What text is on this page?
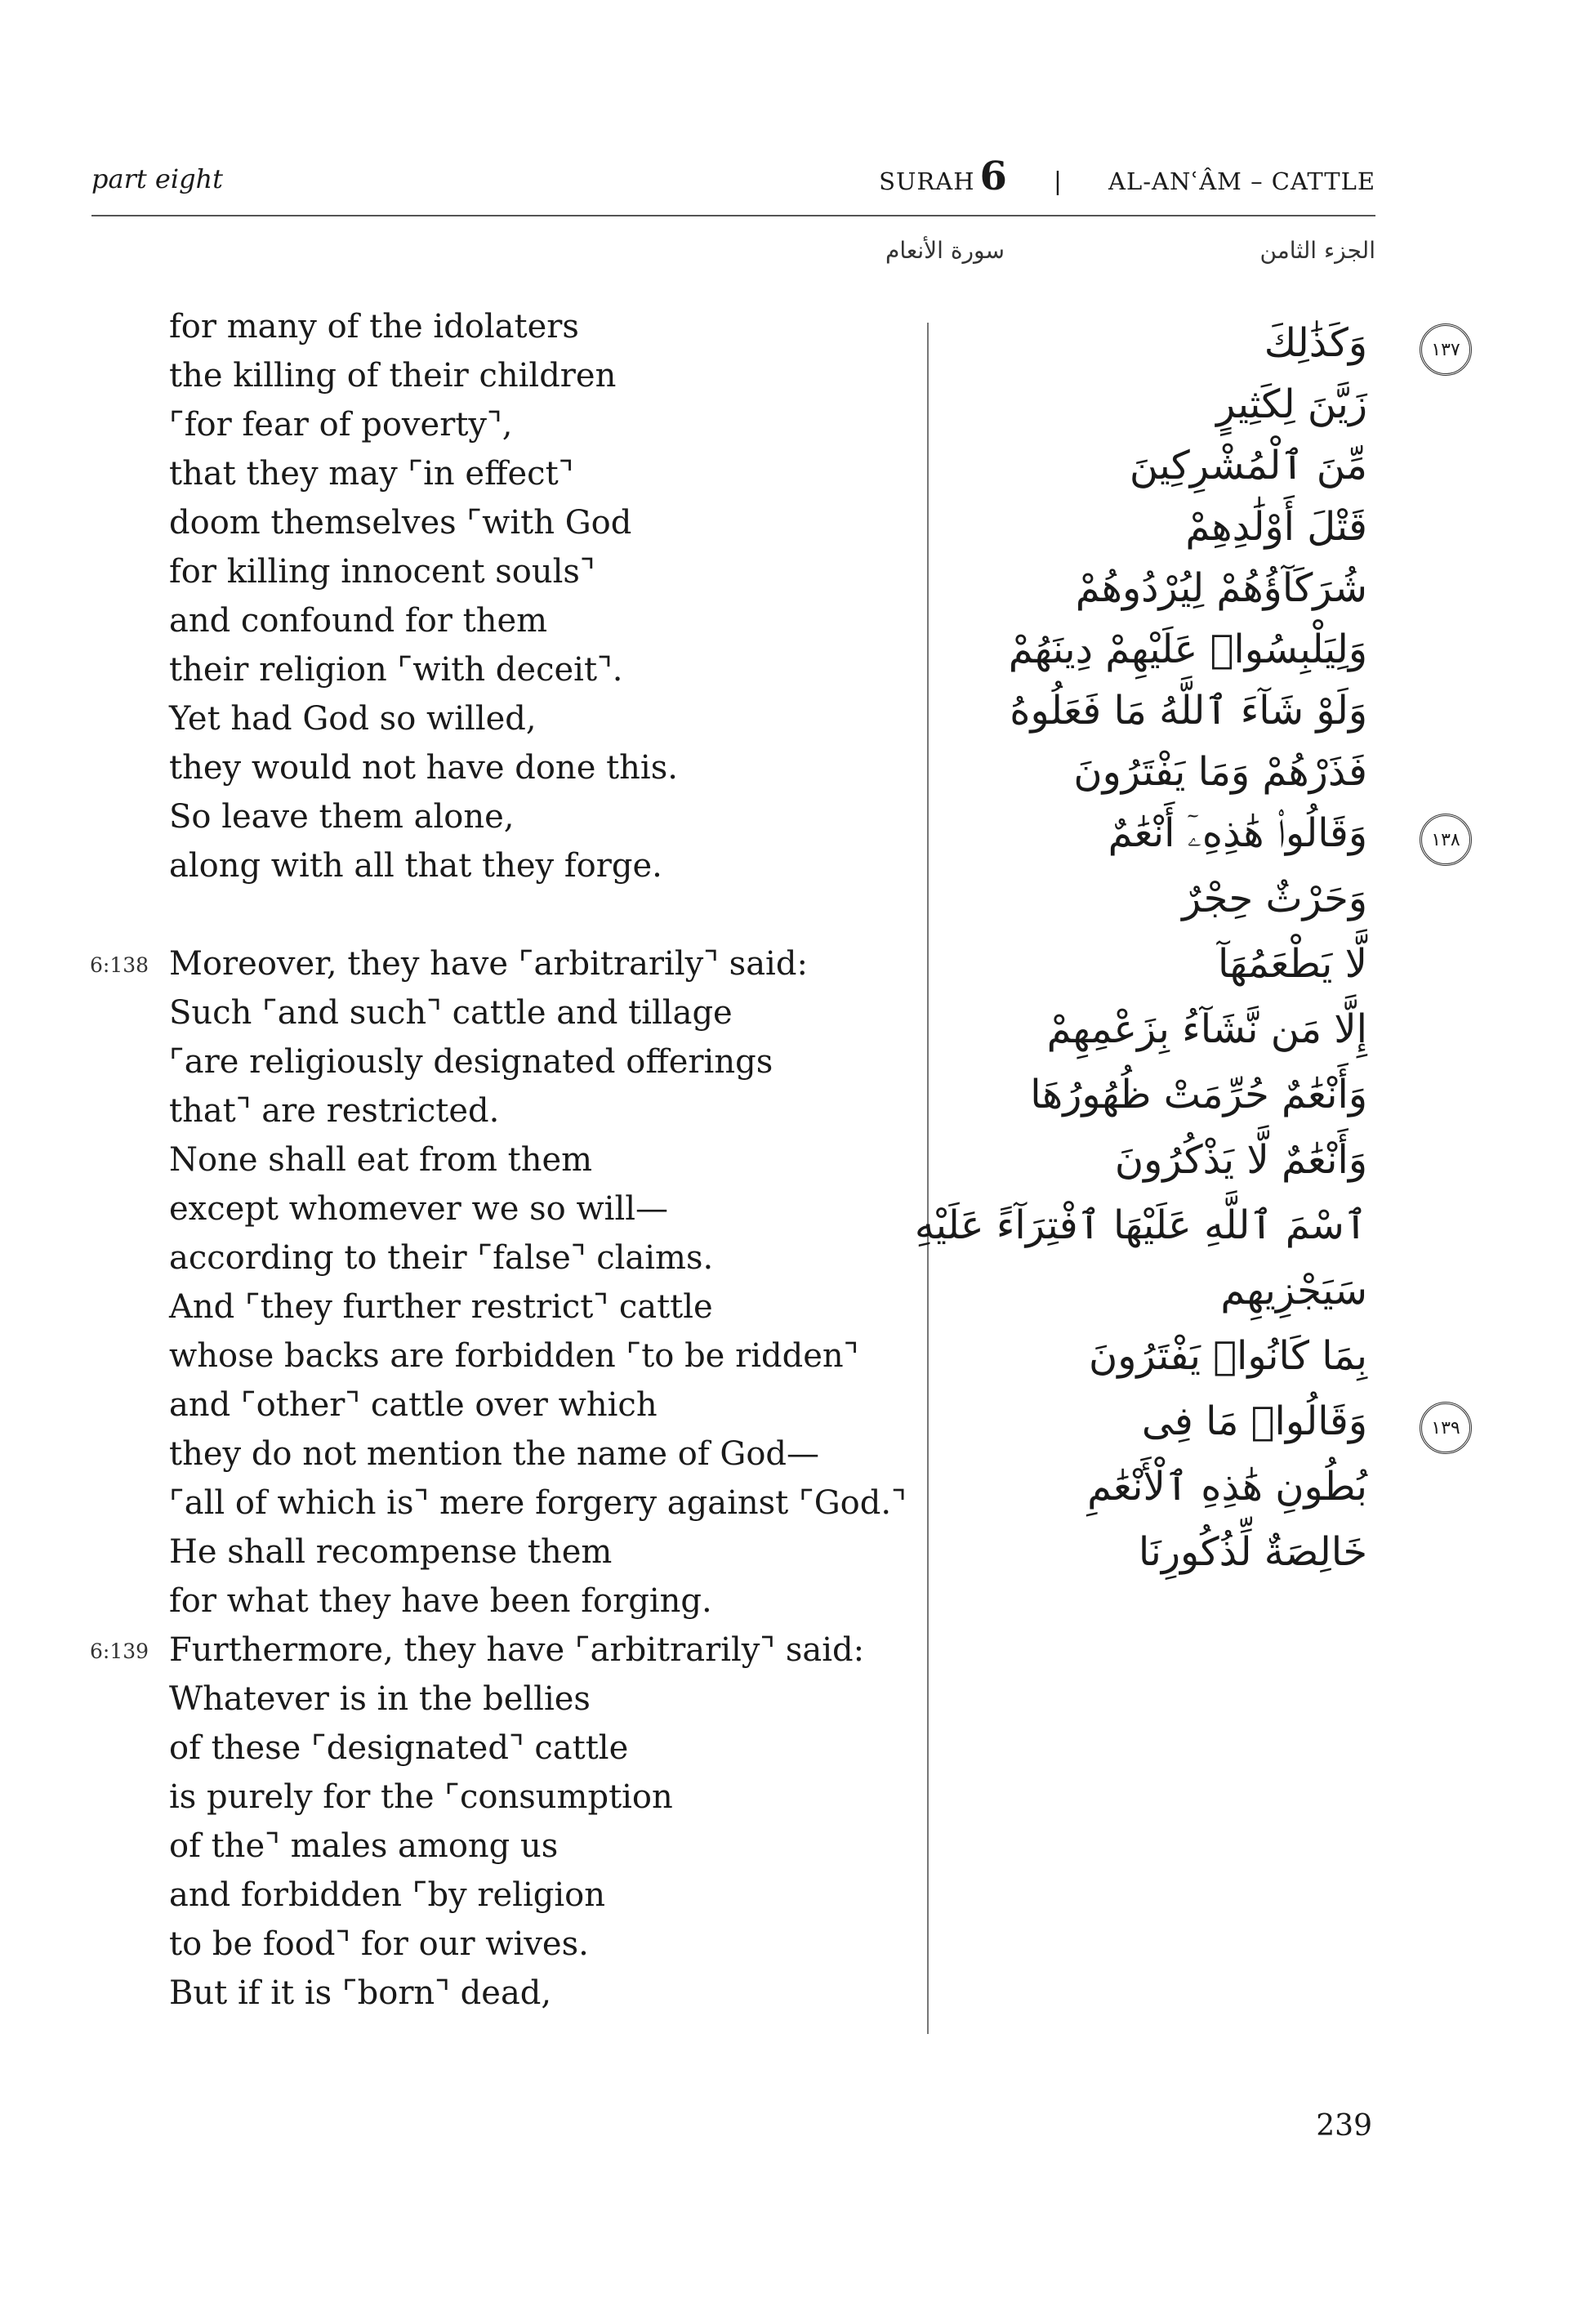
part eight	SURAH 6 | AL-ANʿÂM – CATTLE
الجزء الثامن
سورة الأنعام
for many of the idolaters
the killing of their children
⌜for fear of poverty⌝,
that they may ⌜in effect⌝
doom themselves ⌜with God
for killing innocent souls⌝
and confound for them
their religion ⌜with deceit⌝.
Yet had God so willed,
they would not have done this.
So leave them alone,
along with all that they forge.
6:138 Moreover, they have ⌜arbitrarily⌝ said:
Such ⌜and such⌝ cattle and tillage
⌜are religiously designated offerings
that⌝ are restricted.
None shall eat from them
except whomever we so will—
according to their ⌜false⌝ claims.
And ⌜they further restrict⌝ cattle
whose backs are forbidden ⌜to be ridden⌝
and ⌜other⌝ cattle over which
they do not mention the name of God—
⌜all of which is⌝ mere forgery against ⌜God.⌝
He shall recompense them
for what they have been forging.
6:139 Furthermore, they have ⌜arbitrarily⌝ said:
Whatever is in the bellies
of these ⌜designated⌝ cattle
is purely for the ⌜consumption
of the⌝ males among us
and forbidden ⌜by religion
to be food⌝ for our wives.
But if it is ⌜born⌝ dead,
١٣٧
وَكَذَٰلِكَ
زَيَّنَ لِكَثِيرٍ
مِّنَ ٱلْمُشْرِكِينَ
قَتْلَ أَوْلَٰدِهِمْ
شُرَكَآؤُهُمْ لِيُرْدُوهُمْ
وَلِيَلْبِسُوا۟ عَلَيْهِمْ دِينَهُمْ
وَلَوْ شَآءَ ٱللَّهُ مَا فَعَلُوهُ
فَذَرْهُمْ وَمَا يَفْتَرُونَ
١٣٨
وَقَالُوا۟ هَٰذِهِۦٓ أَنْعَٰمٌ
وَحَرْثٌ حِجْرٌ
لَّا يَطْعَمُهَآ
إِلَّا مَن نَّشَآءُ بِزَعْمِهِمْ
وَأَنْعَٰمٌ حُرِّمَتْ ظُهُورُهَا
وَأَنْعَٰمٌ لَّا يَذْكُرُونَ
ٱسْمَ ٱللَّهِ عَلَيْهَا ٱفْتِرَآءً عَلَيْهِ
سَيَجْزِيهِم
بِمَا كَانُوا۟ يَفْتَرُونَ
١٣٩
وَقَالُوا۟ مَا فِى
بُطُونِ هَٰذِهِ ٱلْأَنْعَٰمِ
خَالِصَةٌ لِّذُكُورِنَا
239
